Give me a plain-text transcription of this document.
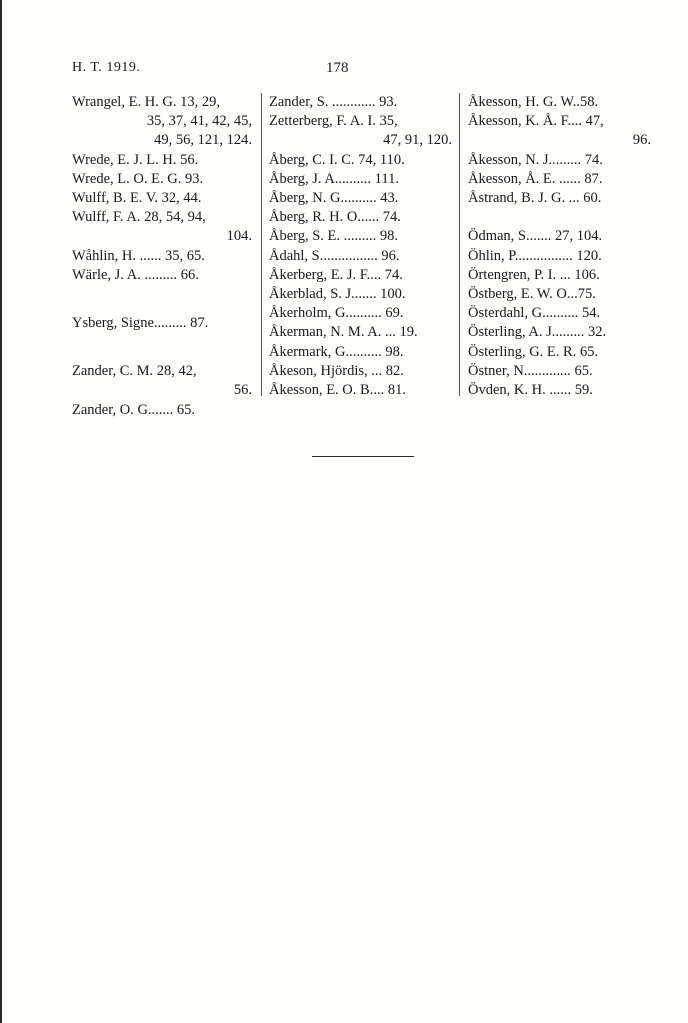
H. T. 1919.	178
Wrangel, E. H. G. 13, 29,
35, 37, 41, 42, 45,
49, 56, 121, 124.
Wrede, E. J. L. H. 56.
Wrede, L. O. E. G. 93.
Wulff, B. E. V. 32, 44.
Wulff, F. A. 28, 54, 94,
104.
Wåhlin, H. ...... 35, 65.
Wärle, J. A. ......... 66.
Ysberg, Signe......... 87.
Zander, C. M. 28, 42,
56.
Zander, O. G....... 65.
Zander, S. ............ 93.
Zetterberg, F. A. I. 35,
47, 91, 120.
Åberg, C. I. C. 74, 110.
Åberg, J. A.......... 111.
Åberg, N. G.......... 43.
Åberg, R. H. O...... 74.
Åberg, S. E. ......... 98.
Ådahl, S................ 96.
Åkerberg, E. J. F.... 74.
Åkerblad, S. J....... 100.
Åkerholm, G.......... 69.
Åkerman, N. M. A. ... 19.
Åkermark, G.......... 98.
Åkeson, Hjördis, ... 82.
Åkesson, E. O. B.... 81.
Åkesson, H. G. W..58.
Åkesson, K. Å. F.... 47,
96.
Åkesson, N. J......... 74.
Åkesson, Å. E. ...... 87.
Åstrand, B. J. G. ... 60.
Ödman, S....... 27, 104.
Öhlin, P................ 120.
Örtengren, P. I. ... 106.
Östberg, E. W. O...75.
Österdahl, G.......... 54.
Österling, A. J......... 32.
Österling, G. E. R. 65.
Östner, N............. 65.
Övden, K. H. ...... 59.
